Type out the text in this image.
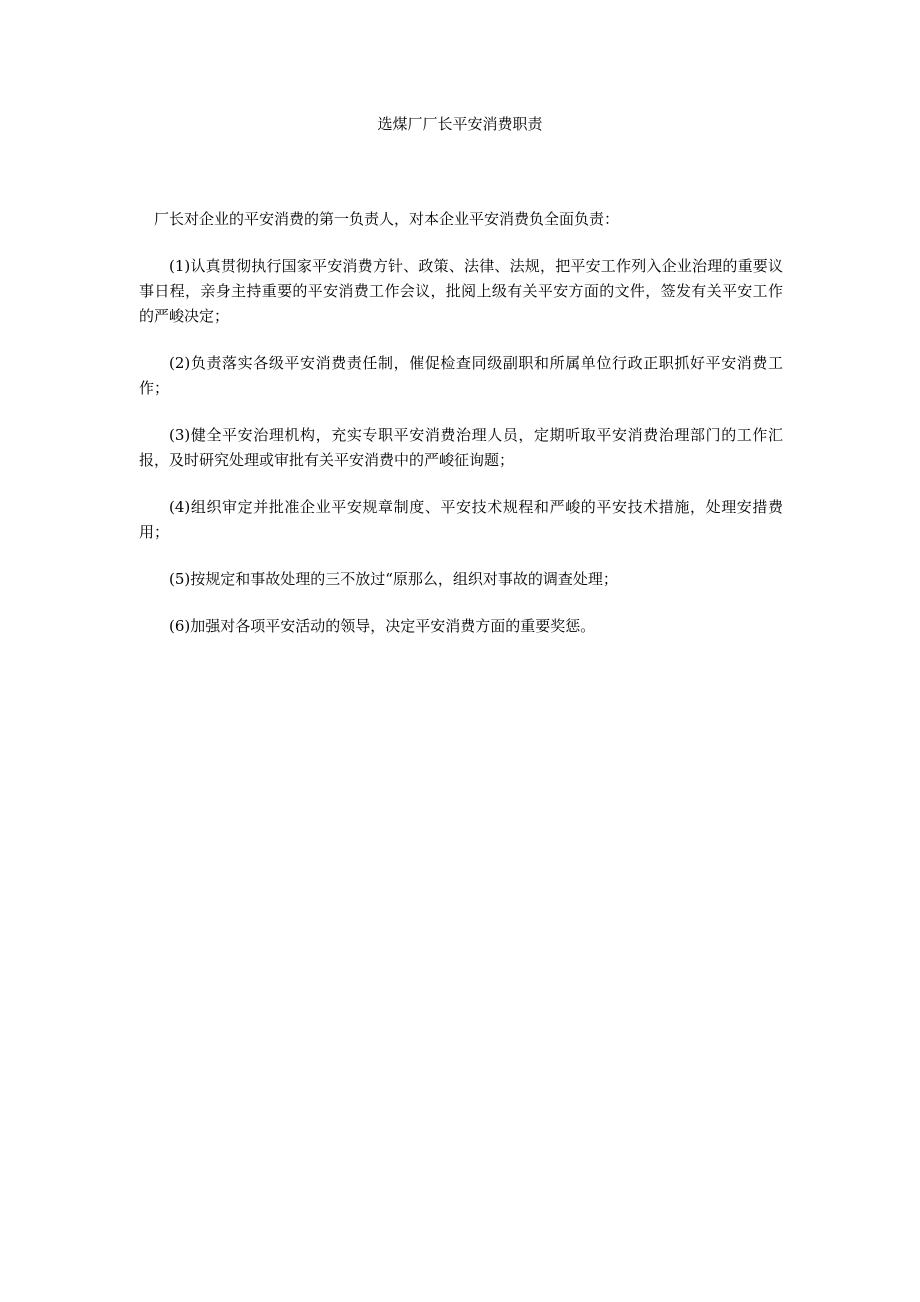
选煤厂厂长平安消费职责

厂长对企业的平安消费的第一负责人，对本企业平安消费负全面负责：

(1)认真贯彻执行国家平安消费方针、政策、法律、法规，把平安工作列入企业治理的重要议事日程，亲身主持重要的平安消费工作会议，批阅上级有关平安方面的文件，签发有关平安工作的严峻决定；

(2)负责落实各级平安消费责任制，催促检查同级副职和所属单位行政正职抓好平安消费工作；

(3)健全平安治理机构，充实专职平安消费治理人员，定期听取平安消费治理部门的工作汇报，及时研究处理或审批有关平安消费中的严峻征询题；

(4)组织审定并批准企业平安规章制度、平安技术规程和严峻的平安技术措施，处理安措费用；

(5)按规定和事故处理的三不放过“原那么，组织对事故的调查处理；

(6)加强对各项平安活动的领导，决定平安消费方面的重要奖惩。
